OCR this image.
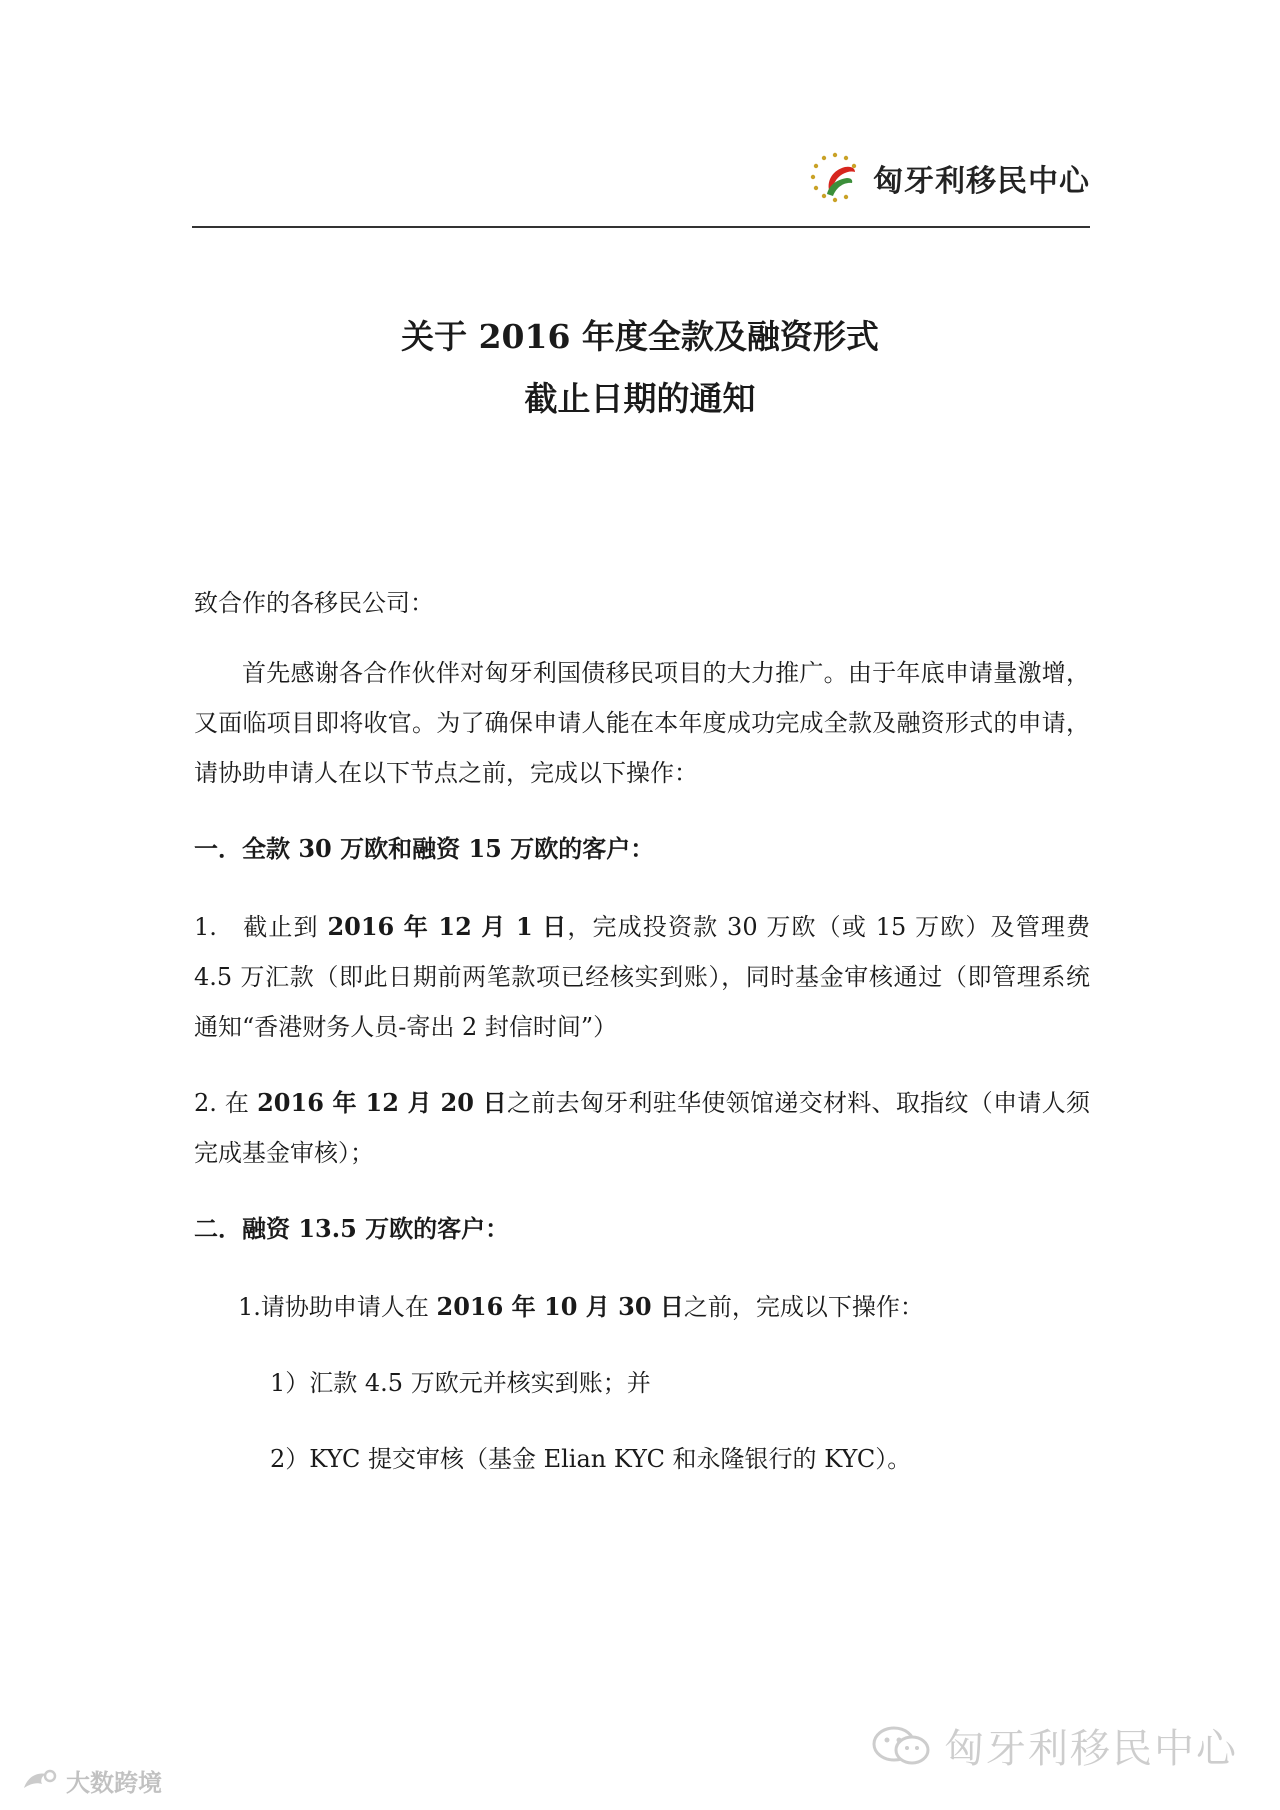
匈牙利移民中心
关于 2016 年度全款及融资形式
截止日期的通知

致合作的各移民公司：

首先感谢各合作伙伴对匈牙利国债移民项目的大力推广。由于年底申请量激增，又面临项目即将收官。为了确保申请人能在本年度成功完成全款及融资形式的申请，请协助申请人在以下节点之前，完成以下操作：

一．全款 30 万欧和融资 15 万欧的客户：

1.　截止到 2016 年 12 月 1 日，完成投资款 30 万欧（或 15 万欧）及管理费 4.5 万汇款（即此日期前两笔款项已经核实到账），同时基金审核通过（即管理系统通知“香港财务人员-寄出 2 封信时间”）

2. 在 2016 年 12 月 20 日之前去匈牙利驻华使领馆递交材料、取指纹（申请人须完成基金审核）；

二．融资 13.5 万欧的客户：

1.请协助申请人在 2016 年 10 月 30 日之前，完成以下操作：

1）汇款 4.5 万欧元并核实到账；并

2）KYC 提交审核（基金 Elian KYC 和永隆银行的 KYC）。

匈牙利移民中心
大数跨境
